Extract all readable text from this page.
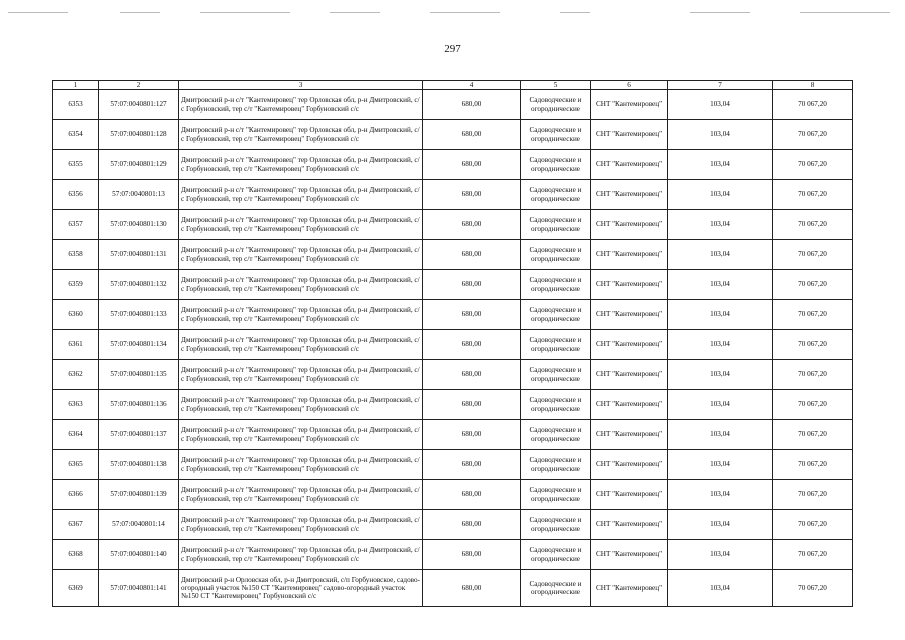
297
1	2	3	4	5	6	7	8
6353	57:07:0040801:127	Дмитровский р-н с/т "Кантемировец" тер Орловская обл, р-н Дмитровский, с/с Горбуновский, тер с/т "Кантемировец" Горбуновский с/с	680,00	Садоводческие и огороднические	СНТ "Кантемировец"	103,04	70 067,20
6354	57:07:0040801:128	Дмитровский р-н с/т "Кантемировец" тер Орловская обл, р-н Дмитровский, с/с Горбуновский, тер с/т "Кантемировец" Горбуновский с/с	680,00	Садоводческие и огороднические	СНТ "Кантемировец"	103,04	70 067,20
6355	57:07:0040801:129	Дмитровский р-н с/т "Кантемировец" тер Орловская обл, р-н Дмитровский, с/с Горбуновский, тер с/т "Кантемировец" Горбуновский с/с	680,00	Садоводческие и огороднические	СНТ "Кантемировец"	103,04	70 067,20
6356	57:07:0040801:13	Дмитровский р-н с/т "Кантемировец" тер Орловская обл, р-н Дмитровский, с/с Горбуновский, тер с/т "Кантемировец" Горбуновский с/с	680,00	Садоводческие и огороднические	СНТ "Кантемировец"	103,04	70 067,20
6357	57:07:0040801:130	Дмитровский р-н с/т "Кантемировец" тер Орловская обл, р-н Дмитровский, с/с Горбуновский, тер с/т "Кантемировец" Горбуновский с/с	680,00	Садоводческие и огороднические	СНТ "Кантемировец"	103,04	70 067,20
6358	57:07:0040801:131	Дмитровский р-н с/т "Кантемировец" тер Орловская обл, р-н Дмитровский, с/с Горбуновский, тер с/т "Кантемировец" Горбуновский с/с	680,00	Садоводческие и огороднические	СНТ "Кантемировец"	103,04	70 067,20
6359	57:07:0040801:132	Дмитровский р-н с/т "Кантемировец" тер Орловская обл, р-н Дмитровский, с/с Горбуновский, тер с/т "Кантемировец" Горбуновский с/с	680,00	Садоводческие и огороднические	СНТ "Кантемировец"	103,04	70 067,20
6360	57:07:0040801:133	Дмитровский р-н с/т "Кантемировец" тер Орловская обл, р-н Дмитровский, с/с Горбуновский, тер с/т "Кантемировец" Горбуновский с/с	680,00	Садоводческие и огороднические	СНТ "Кантемировец"	103,04	70 067,20
6361	57:07:0040801:134	Дмитровский р-н с/т "Кантемировец" тер Орловская обл, р-н Дмитровский, с/с Горбуновский, тер с/т "Кантемировец" Горбуновский с/с	680,00	Садоводческие и огороднические	СНТ "Кантемировец"	103,04	70 067,20
6362	57:07:0040801:135	Дмитровский р-н с/т "Кантемировец" тер Орловская обл, р-н Дмитровский, с/с Горбуновский, тер с/т "Кантемировец" Горбуновский с/с	680,00	Садоводческие и огороднические	СНТ "Кантемировец"	103,04	70 067,20
6363	57:07:0040801:136	Дмитровский р-н с/т "Кантемировец" тер Орловская обл, р-н Дмитровский, с/с Горбуновский, тер с/т "Кантемировец" Горбуновский с/с	680,00	Садоводческие и огороднические	СНТ "Кантемировец"	103,04	70 067,20
6364	57:07:0040801:137	Дмитровский р-н с/т "Кантемировец" тер Орловская обл, р-н Дмитровский, с/с Горбуновский, тер с/т "Кантемировец" Горбуновский с/с	680,00	Садоводческие и огороднические	СНТ "Кантемировец"	103,04	70 067,20
6365	57:07:0040801:138	Дмитровский р-н с/т "Кантемировец" тер Орловская обл, р-н Дмитровский, с/с Горбуновский, тер с/т "Кантемировец" Горбуновский с/с	680,00	Садоводческие и огороднические	СНТ "Кантемировец"	103,04	70 067,20
6366	57:07:0040801:139	Дмитровский р-н с/т "Кантемировец" тер Орловская обл, р-н Дмитровский, с/с Горбуновский, тер с/т "Кантемировец" Горбуновский с/с	680,00	Садоводческие и огороднические	СНТ "Кантемировец"	103,04	70 067,20
6367	57:07:0040801:14	Дмитровский р-н с/т "Кантемировец" тер Орловская обл, р-н Дмитровский, с/с Горбуновский, тер с/т "Кантемировец" Горбуновский с/с	680,00	Садоводческие и огороднические	СНТ "Кантемировец"	103,04	70 067,20
6368	57:07:0040801:140	Дмитровский р-н с/т "Кантемировец" тер Орловская обл, р-н Дмитровский, с/с Горбуновский, тер с/т "Кантемировец" Горбуновский с/с	680,00	Садоводческие и огороднические	СНТ "Кантемировец"	103,04	70 067,20
6369	57:07:0040801:141	Дмитровский р-н Орловская обл, р-н Дмитровский, с/п Горбуновское, садово-огородный участок №150 СТ "Кантемировец" садово-огородный участок №150 СТ "Кантемировец" Горбуновский с/с	680,00	Садоводческие и огороднические	СНТ "Кантемировец"	103,04	70 067,20
